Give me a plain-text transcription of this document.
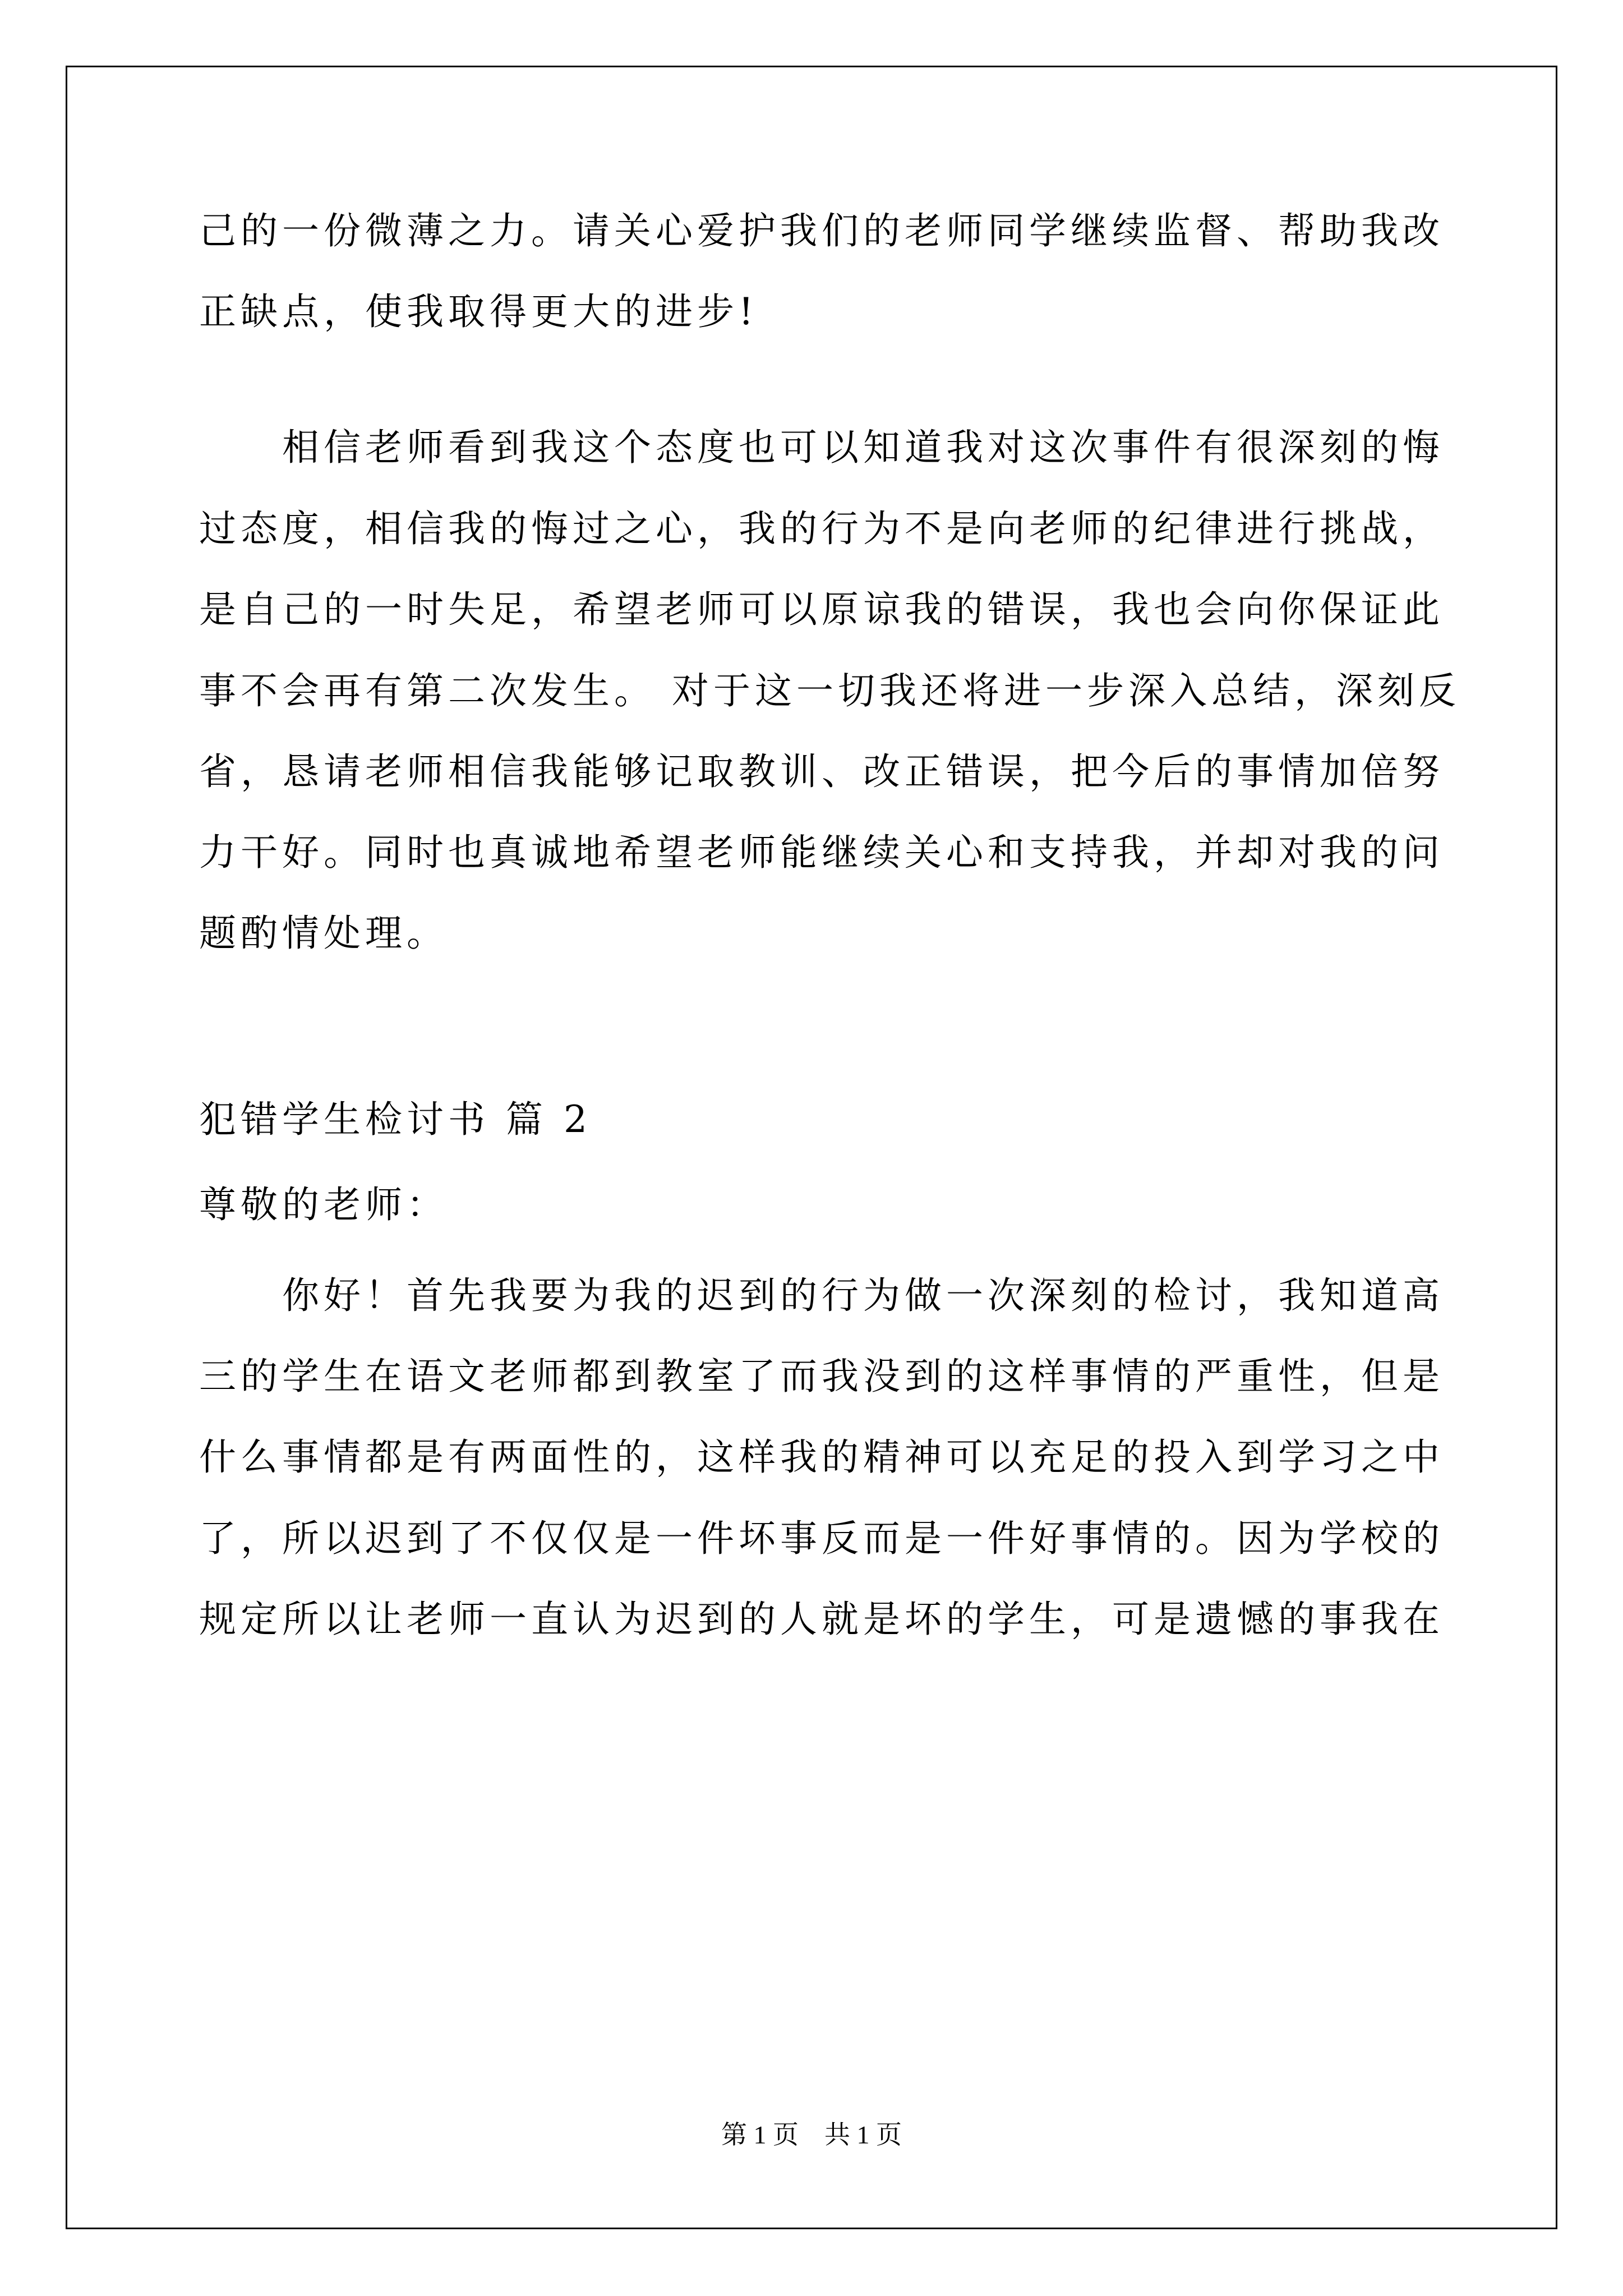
己的一份微薄之力。请关心爱护我们的老师同学继续监督、帮助我改
正缺点，使我取得更大的进步!
　　相信老师看到我这个态度也可以知道我对这次事件有很深刻的悔
过态度，相信我的悔过之心，我的行为不是向老师的纪律进行挑战，
是自己的一时失足，希望老师可以原谅我的错误，我也会向你保证此
事不会再有第二次发生。 对于这一切我还将进一步深入总结，深刻反
省，恳请老师相信我能够记取教训、改正错误，把今后的事情加倍努
力干好。同时也真诚地希望老师能继续关心和支持我，并却对我的问
题酌情处理。
犯错学生检讨书 篇 2
尊敬的老师：
　　你好！首先我要为我的迟到的行为做一次深刻的检讨，我知道高
三的学生在语文老师都到教室了而我没到的这样事情的严重性，但是
什么事情都是有两面性的，这样我的精神可以充足的投入到学习之中
了，所以迟到了不仅仅是一件坏事反而是一件好事情的。因为学校的
规定所以让老师一直认为迟到的人就是坏的学生，可是遗憾的事我在
第 1 页　共 1 页
